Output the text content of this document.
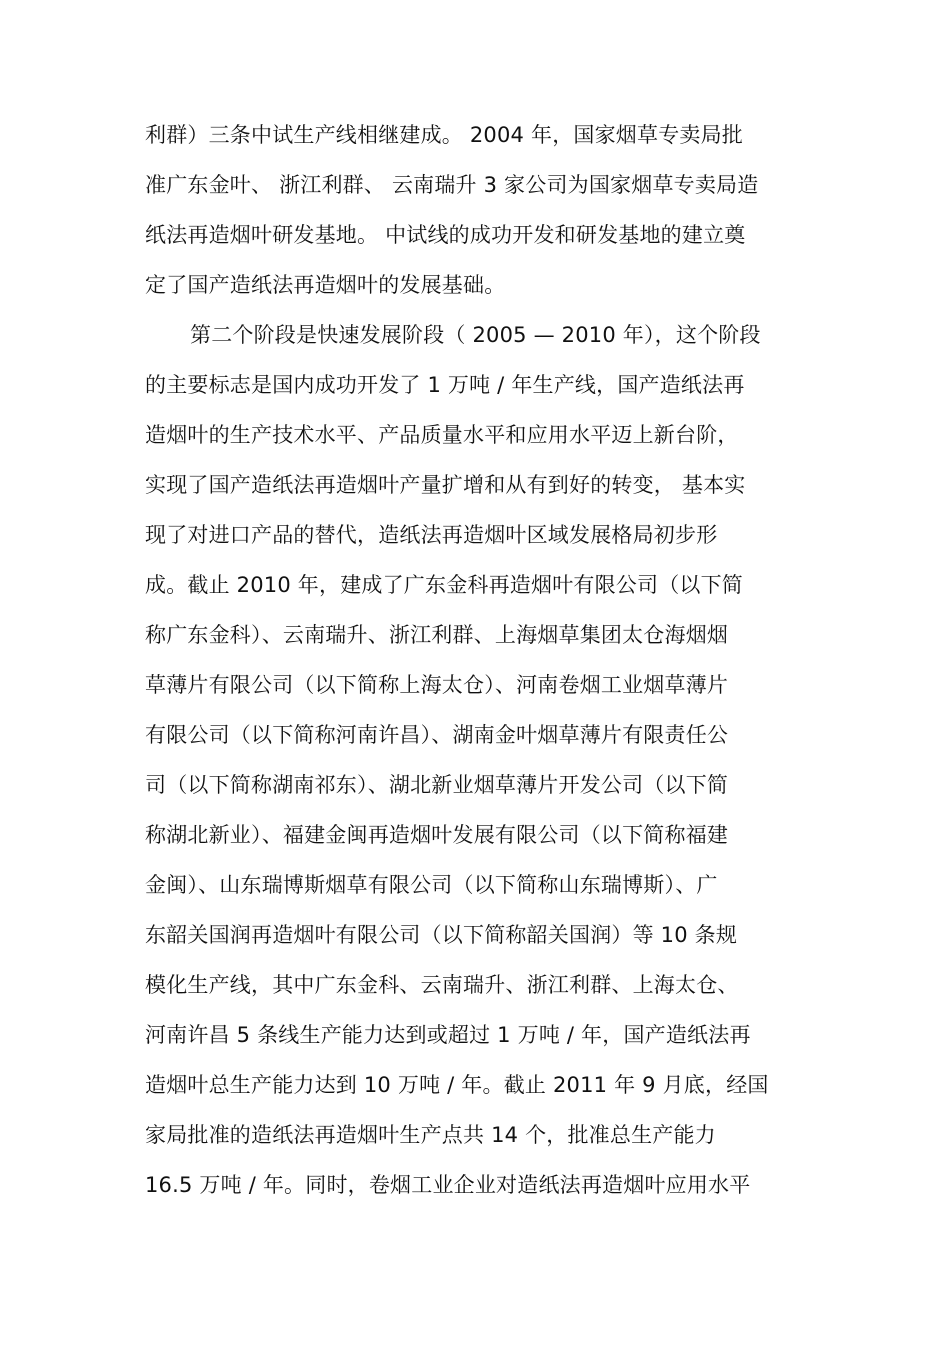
利群）三条中试生产线相继建成。 2004 年，国家烟草专卖局批
准广东金叶、 浙江利群、 云南瑞升 3 家公司为国家烟草专卖局造
纸法再造烟叶研发基地。 中试线的成功开发和研发基地的建立奠
定了国产造纸法再造烟叶的发展基础。
第二个阶段是快速发展阶段（ 2005 — 2010 年），这个阶段
的主要标志是国内成功开发了 1 万吨 / 年生产线，国产造纸法再
造烟叶的生产技术水平、产品质量水平和应用水平迈上新台阶，
实现了国产造纸法再造烟叶产量扩增和从有到好的转变， 基本实
现了对进口产品的替代，造纸法再造烟叶区域发展格局初步形
成。截止 2010 年，建成了广东金科再造烟叶有限公司（以下简
称广东金科）、云南瑞升、浙江利群、上海烟草集团太仓海烟烟
草薄片有限公司（以下简称上海太仓）、河南卷烟工业烟草薄片
有限公司（以下简称河南许昌）、湖南金叶烟草薄片有限责任公
司（以下简称湖南祁东）、湖北新业烟草薄片开发公司（以下简
称湖北新业）、福建金闽再造烟叶发展有限公司（以下简称福建
金闽）、山东瑞博斯烟草有限公司（以下简称山东瑞博斯）、广
东韶关国润再造烟叶有限公司（以下简称韶关国润）等 10 条规
模化生产线，其中广东金科、云南瑞升、浙江利群、上海太仓、
河南许昌 5 条线生产能力达到或超过 1 万吨 / 年，国产造纸法再
造烟叶总生产能力达到 10 万吨 / 年。截止 2011 年 9 月底，经国
家局批准的造纸法再造烟叶生产点共 14 个，批准总生产能力
16.5 万吨 / 年。同时，卷烟工业企业对造纸法再造烟叶应用水平
